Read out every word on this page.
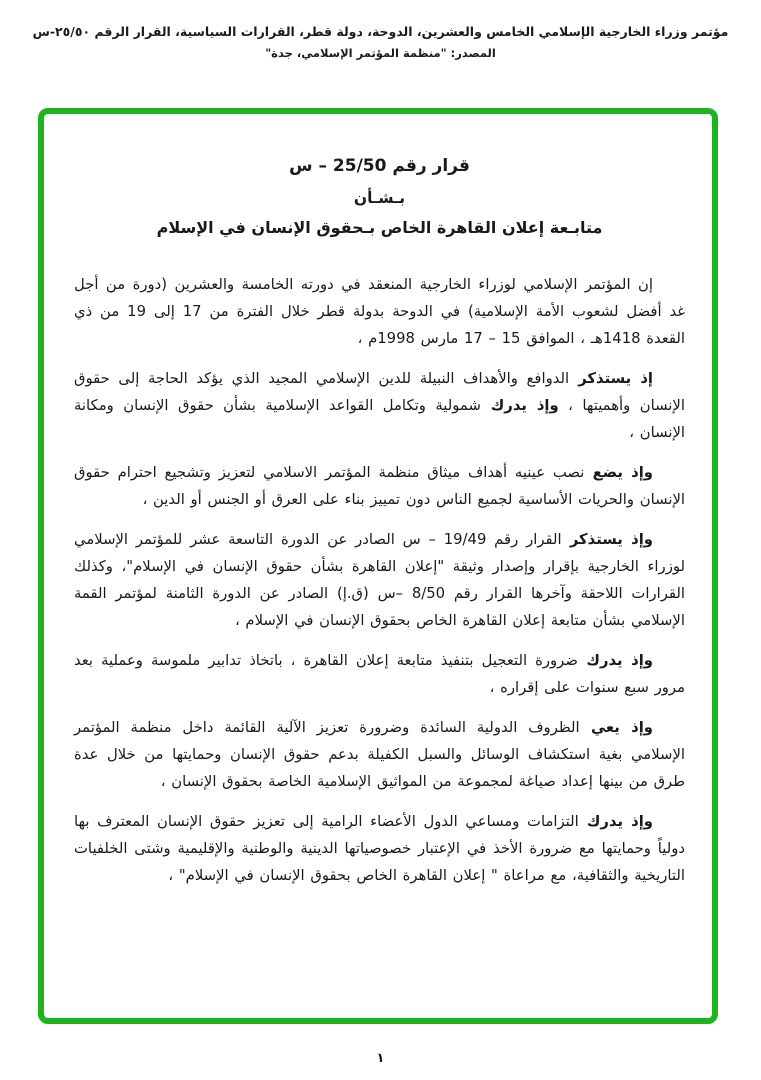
مؤتمر وزراء الخارجية الإسلامي الخامس والعشرين، الدوحة، دولة قطر، القرارات السياسية، القرار الرقم ٢٥/٥٠-س
المصدر: "منظمة المؤتمر الإسلامي، جدة"
قرار رقم 25/50 – س
بـشـأن
متابـعة إعلان القاهرة الخاص بـحقوق الإنسان في الإسلام

إن المؤتمر الإسلامي لوزراء الخارجية المنعقد في دورته الخامسة والعشرين (دورة من أجل غد أفضل لشعوب الأمة الإسلامية) في الدوحة بدولة قطر خلال الفترة من 17 إلى 19 من ذي القعدة 1418هـ ، الموافق 15 – 17 مارس 1998م ،

إذ يستذكر الدوافع والأهداف النبيلة للدين الإسلامي المجيد الذي يؤكد الحاجة إلى حقوق الإنسان وأهميتها ، وإذ يدرك شمولية وتكامل القواعد الإسلامية بشأن حقوق الإنسان ومكانة الإنسان ،

وإذ يضع نصب عينيه أهداف ميثاق منظمة المؤتمر الاسلامي لتعزيز وتشجيع احترام حقوق الإنسان والحريات الأساسية لجميع الناس دون تمييز بناء على العرق أو الجنس أو الدين ،

وإذ يستذكر القرار رقم 19/49 – س الصادر عن الدورة التاسعة عشر للمؤتمر الإسلامي لوزراء الخارجية بإقرار وإصدار وثيقة "إعلان القاهرة بشأن حقوق الإنسان في الإسلام"، وكذلك القرارات اللاحقة وآخرها القرار رقم 8/50 –س (ق.إ) الصادر عن الدورة الثامنة لمؤتمر القمة الإسلامي بشأن متابعة إعلان القاهرة الخاص بحقوق الإنسان في الإسلام ،

وإذ يدرك ضرورة التعجيل بتنفيذ متابعة إعلان القاهرة ، باتخاذ تدابير ملموسة وعملية بعد مرور سبع سنوات على إقراره ،

وإذ يعي الظروف الدولية السائدة وضرورة تعزيز الآلية القائمة داخل منظمة المؤتمر الإسلامي بغية استكشاف الوسائل والسبل الكفيلة بدعم حقوق الإنسان وحمايتها من خلال عدة طرق من بينها إعداد صياغة لمجموعة من المواثيق الإسلامية الخاصة بحقوق الإنسان ،

وإذ يدرك التزامات ومساعي الدول الأعضاء الرامية إلى تعزيز حقوق الإنسان المعترف بها دولياً وحمايتها مع ضرورة الأخذ في الإعتبار خصوصياتها الدينية والوطنية والإقليمية وشتى الخلفيات التاريخية والثقافية، مع مراعاة " إعلان القاهرة الخاص بحقوق الإنسان في الإسلام" ،

١
